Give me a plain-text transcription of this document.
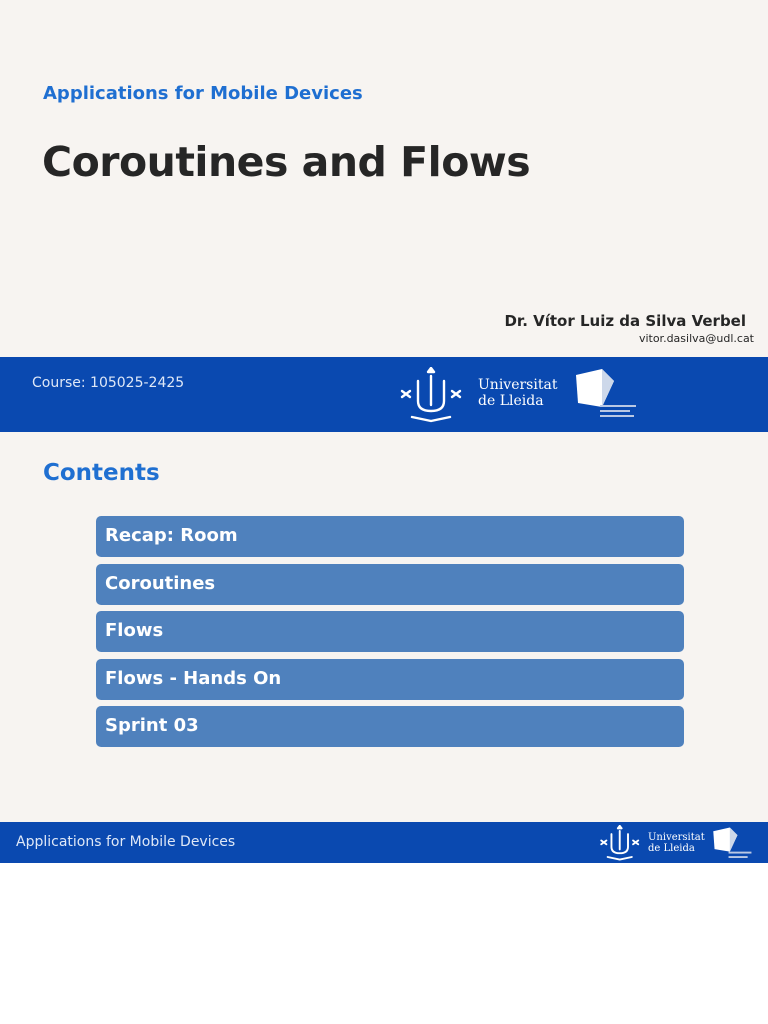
Applications for Mobile Devices
Coroutines and Flows
Dr. Vítor Luiz da Silva Verbel
vitor.dasilva@udl.cat
Course: 105025-2425	Universitat
de Lleida
Contents
Recap: Room
Coroutines
Flows
Flows - Hands On
Sprint 03
Applications for Mobile Devices	Universitat
de Lleida
